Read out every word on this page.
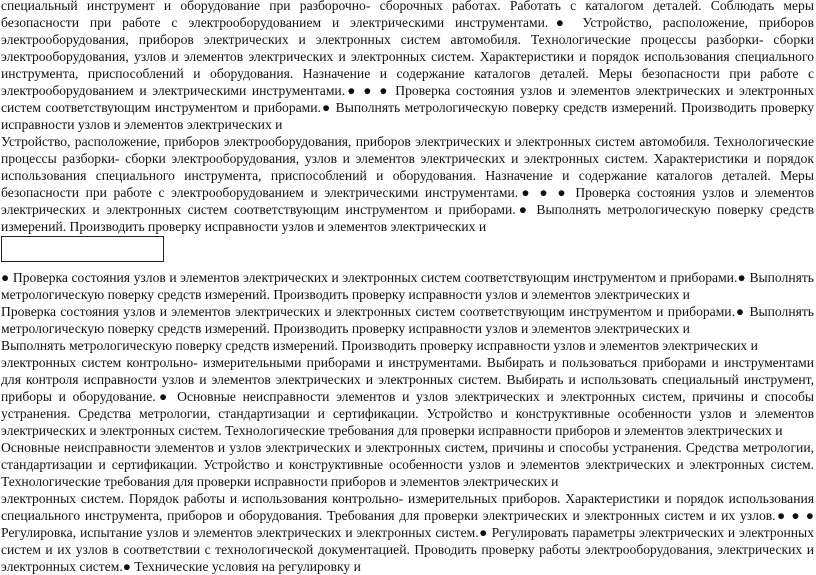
специальный инструмент и оборудование при разборочно- сборочных работах. Работать с каталогом деталей. Соблюдать меры безопасности при работе с электрооборудованием и электрическими инструментами.● Устройство, расположение, приборов электрооборудования, приборов электрических и электронных систем автомобиля. Технологические процессы разборки- сборки электрооборудования, узлов и элементов электрических и электронных систем. Характеристики и порядок использования специального инструмента, приспособлений и оборудования. Назначение и содержание каталогов деталей. Меры безопасности при работе с электрооборудованием и электрическими инструментами.● ● ● Проверка состояния узлов и элементов электрических и электронных систем соответствующим инструментом и приборами.● Выполнять метрологическую поверку средств измерений. Производить проверку исправности узлов и элементов электрических и

Устройство, расположение, приборов электрооборудования, приборов электрических и электронных систем автомобиля. Технологические процессы разборки- сборки электрооборудования, узлов и элементов электрических и электронных систем. Характеристики и порядок использования специального инструмента, приспособлений и оборудования. Назначение и содержание каталогов деталей. Меры безопасности при работе с электрооборудованием и электрическими инструментами.● ● ● Проверка состояния узлов и элементов электрических и электронных систем соответствующим инструментом и приборами.● Выполнять метрологическую поверку средств измерений. Производить проверку исправности узлов и элементов электрических и

● Проверка состояния узлов и элементов электрических и электронных систем соответствующим инструментом и приборами.● Выполнять метрологическую поверку средств измерений. Производить проверку исправности узлов и элементов электрических и

Проверка состояния узлов и элементов электрических и электронных систем соответствующим инструментом и приборами.● Выполнять метрологическую поверку средств измерений. Производить проверку исправности узлов и элементов электрических и

Выполнять метрологическую поверку средств измерений. Производить проверку исправности узлов и элементов электрических и

электронных систем контрольно- измерительными приборами и инструментами. Выбирать и пользоваться приборами и инструментами для контроля исправности узлов и элементов электрических и электронных систем. Выбирать и использовать специальный инструмент, приборы и оборудование.● Основные неисправности элементов и узлов электрических и электронных систем, причины и способы устранения. Средства метрологии, стандартизации и сертификации. Устройство и конструктивные особенности узлов и элементов электрических и электронных систем. Технологические требования для проверки исправности приборов и элементов электрических и

Основные неисправности элементов и узлов электрических и электронных систем, причины и способы устранения. Средства метрологии, стандартизации и сертификации. Устройство и конструктивные особенности узлов и элементов электрических и электронных систем. Технологические требования для проверки исправности приборов и элементов электрических и

электронных систем. Порядок работы и использования контрольно- измерительных приборов. Характеристики и порядок использования специального инструмента, приборов и оборудования. Требования для проверки электрических и электронных систем и их узлов.● ● ● Регулировка, испытание узлов и элементов электрических и электронных систем.● Регулировать параметры электрических и электронных систем и их узлов в соответствии с технологической документацией. Проводить проверку работы электрооборудования, электрических и электронных систем.● Технические условия на регулировку и
